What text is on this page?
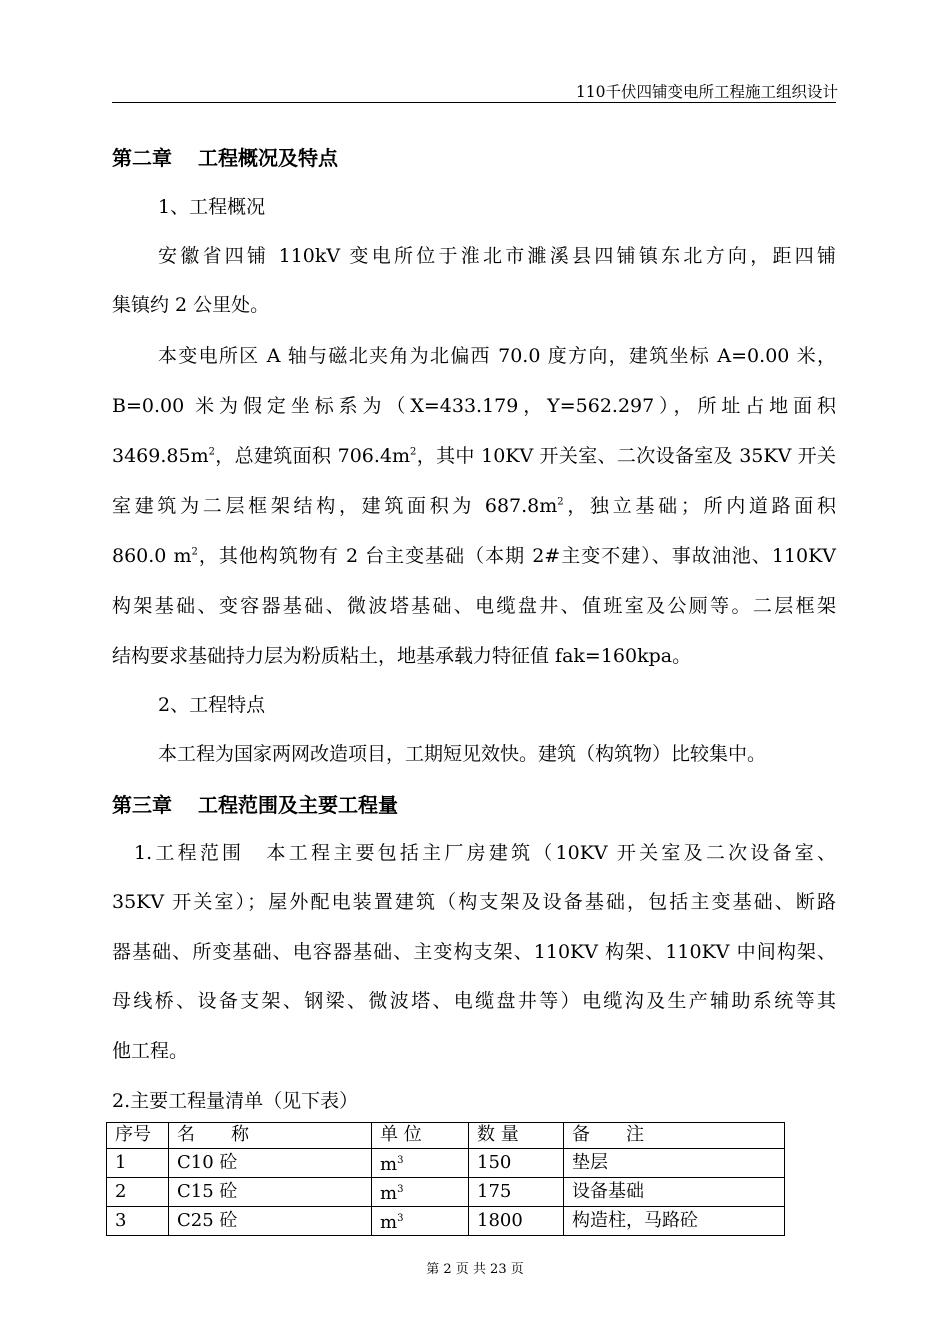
110千伏四铺变电所工程施工组织设计
第二章 工程概况及特点
1、工程概况
安徽省四铺 110kV 变电所位于淮北市濉溪县四铺镇东北方向，距四铺
集镇约 2 公里处。
本变电所区 A 轴与磁北夹角为北偏西 70.0 度方向，建筑坐标 A=0.00 米，
B=0.00 米为假定坐标系为（X=433.179，Y=562.297），所址占地面积
$3469.85m^2$，总建筑面积 $706.4m^2$，其中 10KV 开关室、二次设备室及 35KV 开关
室建筑为二层框架结构，建筑面积为 $687.8m^2$，独立基础；所内道路面积
860.0 $m^2$，其他构筑物有 2 台主变基础（本期 2#主变不建）、事故油池、110KV
构架基础、变容器基础、微波塔基础、电缆盘井、值班室及公厕等。二层框架
结构要求基础持力层为粉质粘土，地基承载力特征值 fak=160kpa。
2、工程特点
本工程为国家两网改造项目，工期短见效快。建筑（构筑物）比较集中。
第三章 工程范围及主要工程量
1.工程范围　本工程主要包括主厂房建筑（10KV 开关室及二次设备室、
35KV 开关室）；屋外配电装置建筑（构支架及设备基础，包括主变基础、断路
器基础、所变基础、电容器基础、主变构支架、110KV 构架、110KV 中间构架、
母线桥、设备支架、钢梁、微波塔、电缆盘井等）电缆沟及生产辅助系统等其
他工程。
2.主要工程量清单（见下表）
序号	名　　称	单 位	数 量	备　　注
1	C10 砼	$m^3$	150	垫层
2	C15 砼	$m^3$	175	设备基础
3	C25 砼	$m^3$	1800	构造柱，马路砼
第 2 页 共 23 页
